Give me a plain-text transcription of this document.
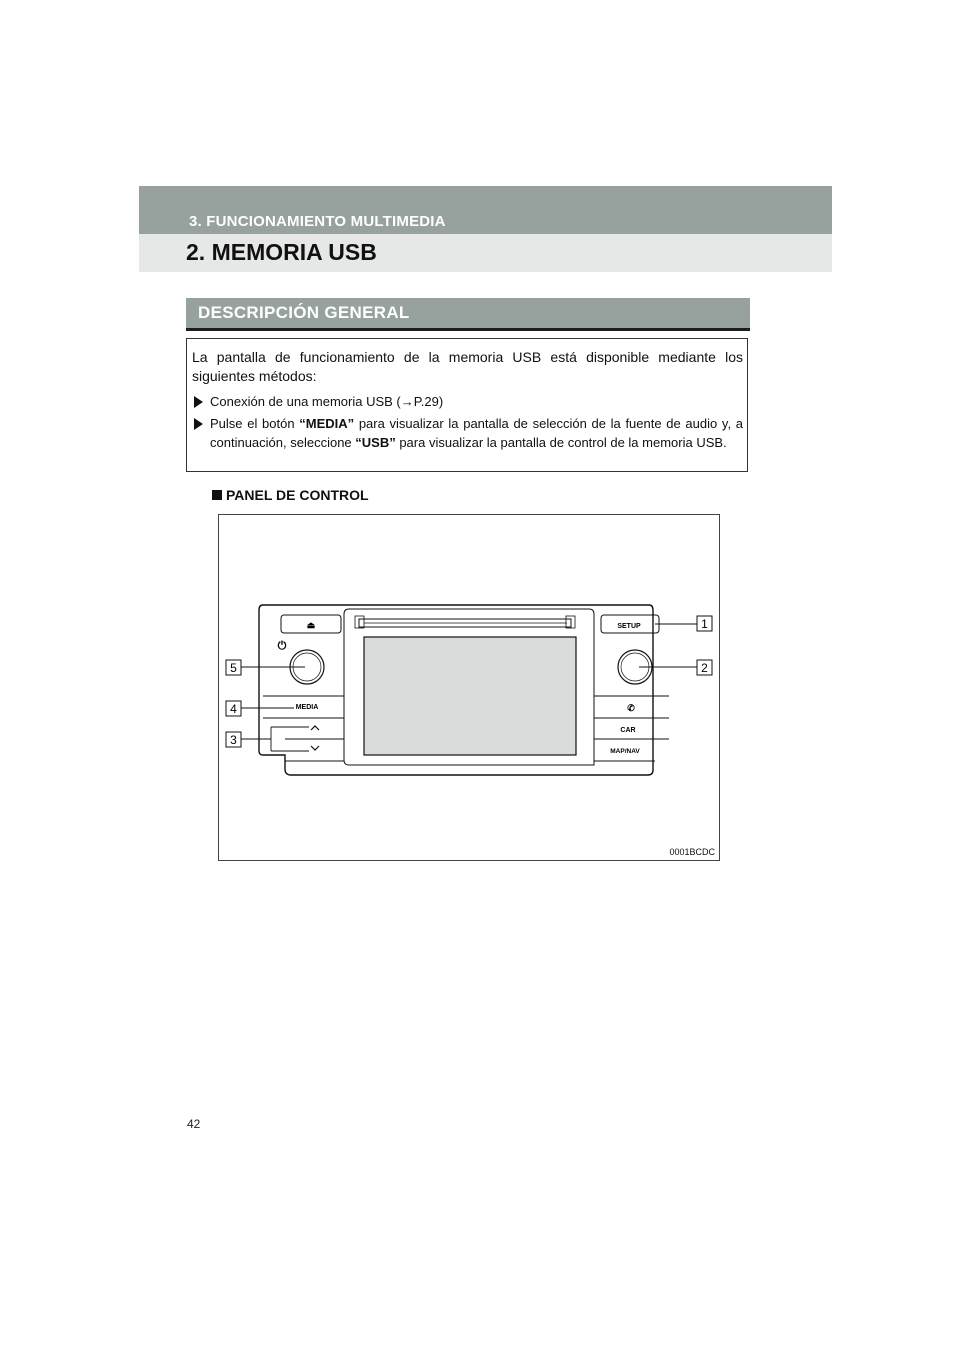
3. FUNCIONAMIENTO MULTIMEDIA
2. MEMORIA USB
DESCRIPCIÓN GENERAL

La pantalla de funcionamiento de la memoria USB está disponible mediante los siguientes métodos:

Conexión de una memoria USB (→P.29)
Pulse el botón “MEDIA” para visualizar la pantalla de selección de la fuente de audio y, a continuación, seleccione “USB” para visualizar la pantalla de control de la memoria USB.
PANEL DE CONTROL
⏏
⏻
MEDIA
SETUP
✆
CAR
MAP/NAV
1
2
3
4
5
0001BCDC
42
